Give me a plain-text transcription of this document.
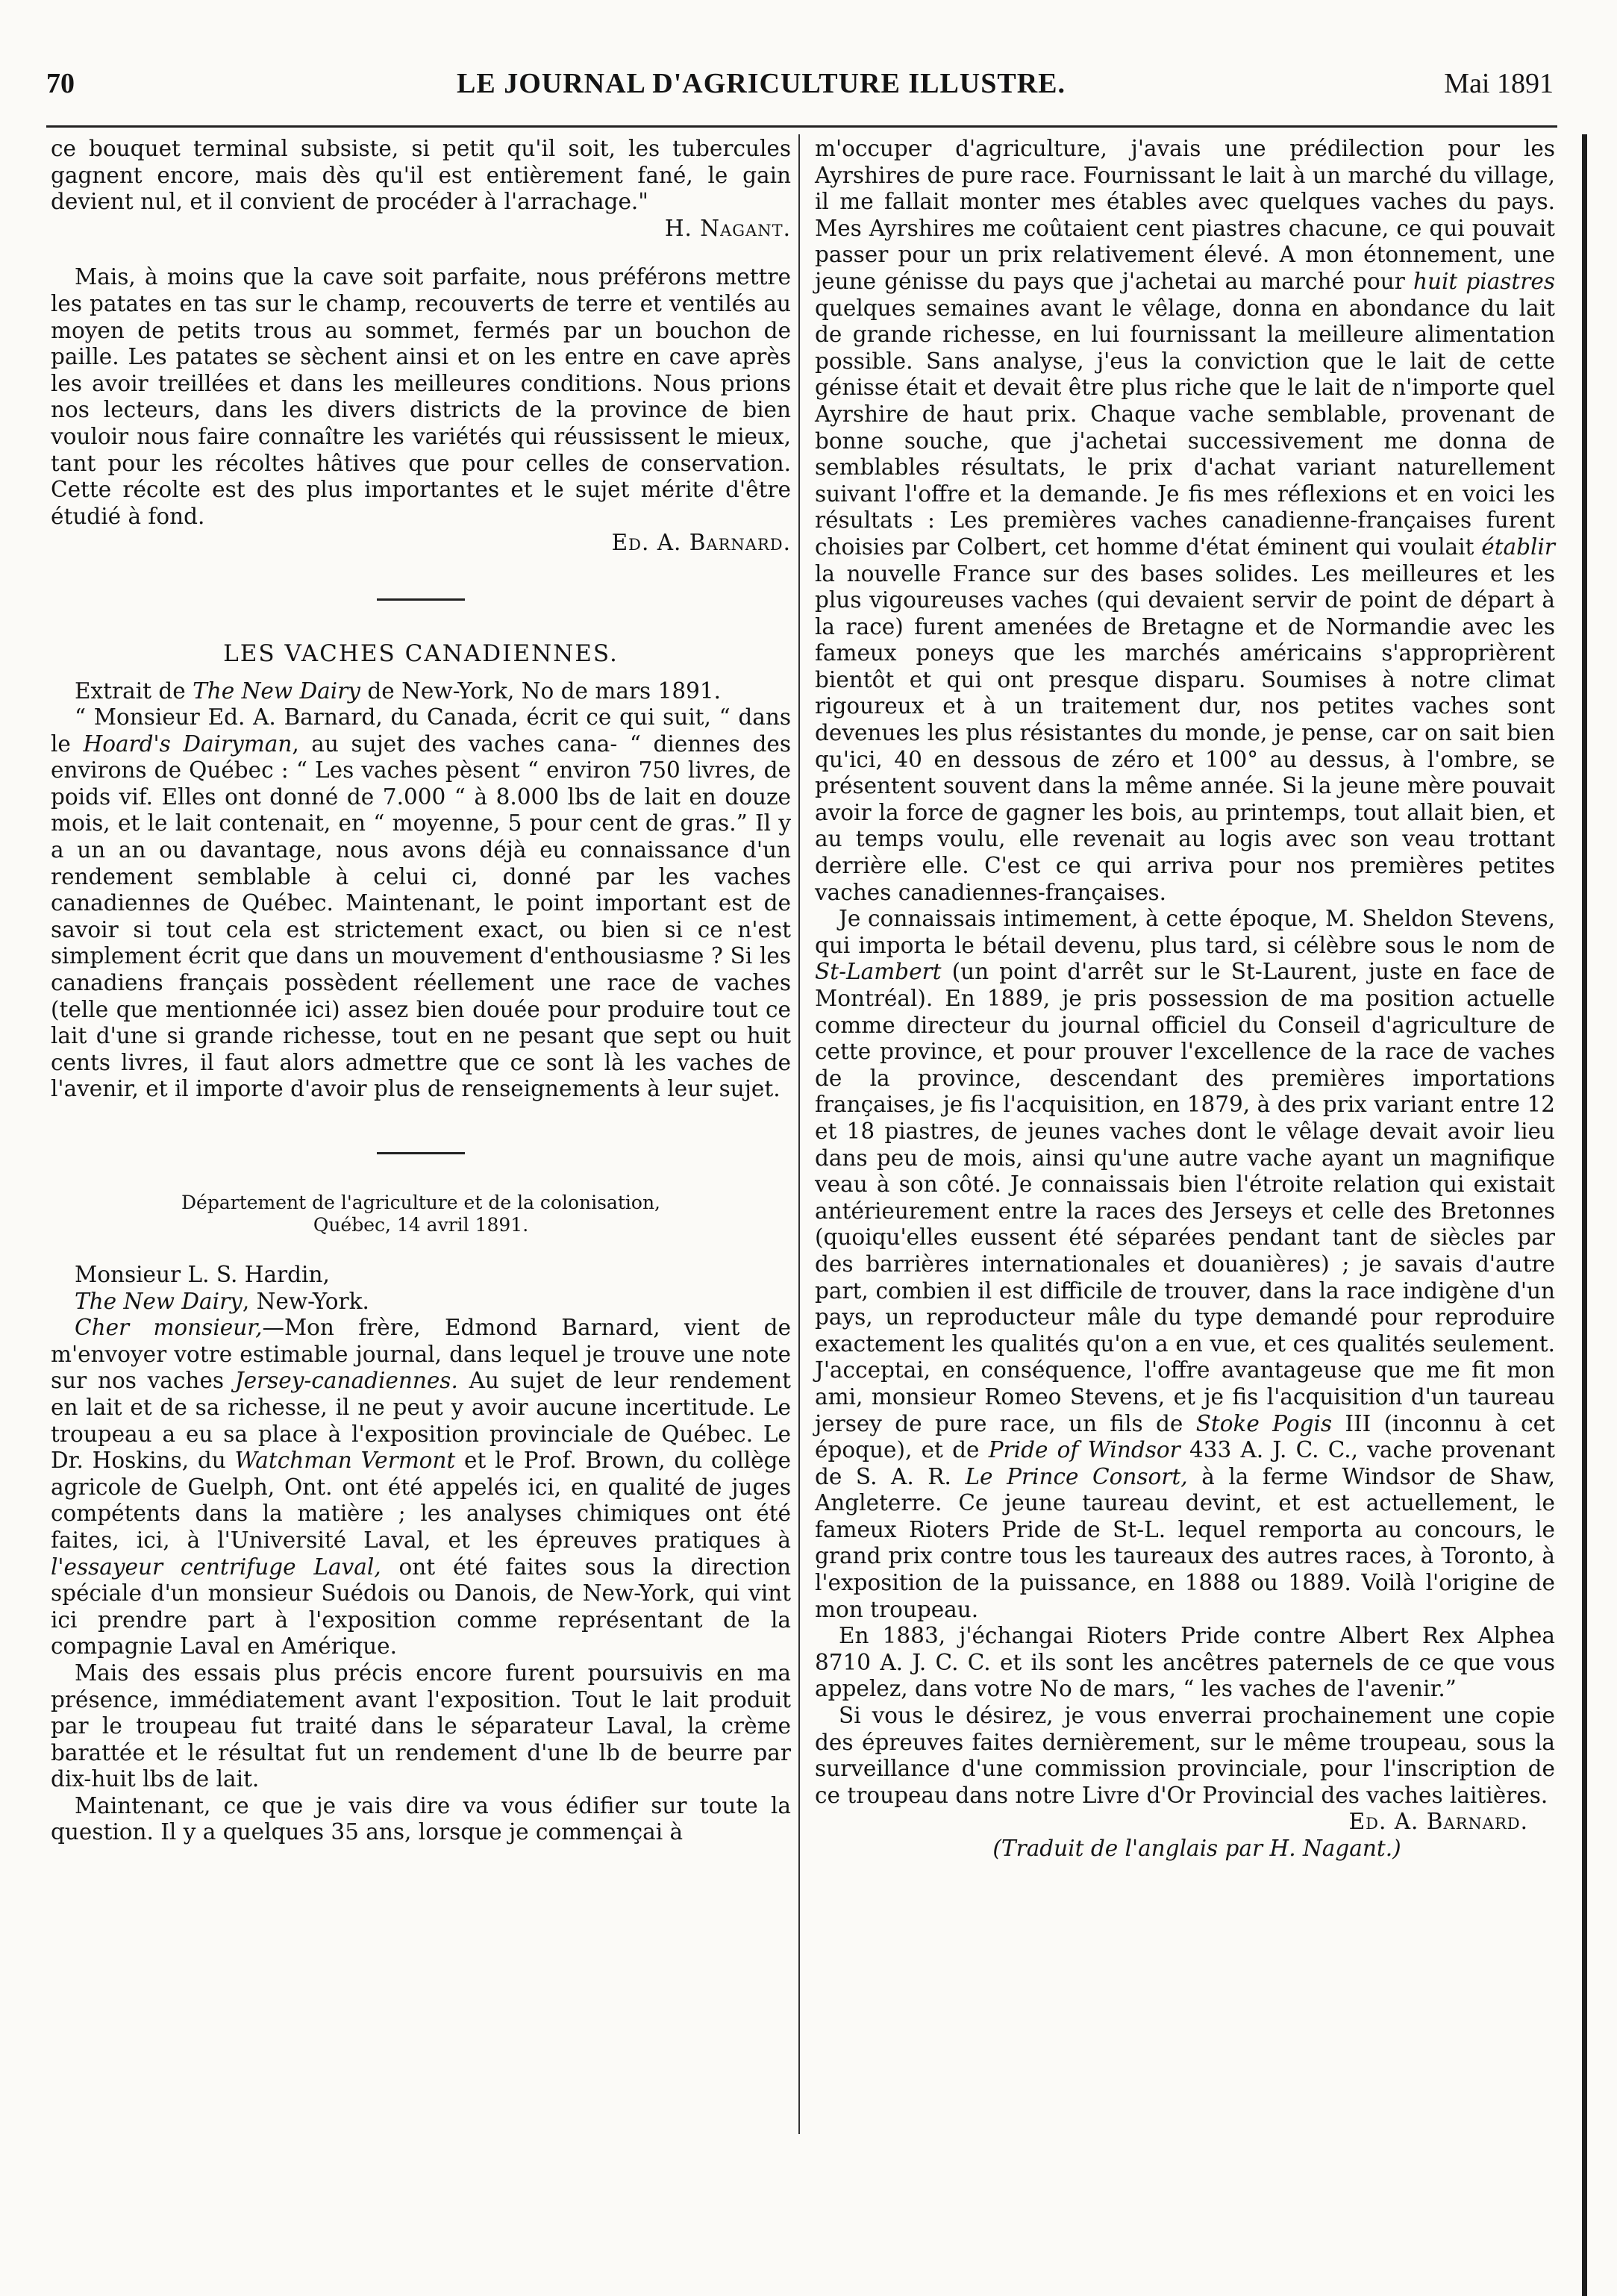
70	LE JOURNAL D'AGRICULTURE ILLUSTRE.	Mai 1891

ce bouquet terminal subsiste, si petit qu'il soit, les tubercules gagnent encore, mais dès qu'il est entièrement fané, le gain devient nul, et il convient de procéder à l'arrachage."

H. Nagant.

Mais, à moins que la cave soit parfaite, nous préférons mettre les patates en tas sur le champ, recouverts de terre et ventilés au moyen de petits trous au sommet, fermés par un bouchon de paille. Les patates se sèchent ainsi et on les entre en cave après les avoir treillées et dans les meilleures conditions. Nous prions nos lecteurs, dans les divers districts de la province de bien vouloir nous faire connaître les variétés qui réussissent le mieux, tant pour les récoltes hâtives que pour celles de conservation. Cette récolte est des plus importantes et le sujet mérite d'être étudié à fond.

Ed. A. Barnard.

LES VACHES CANADIENNES.

Extrait de The New Dairy de New-York, No de mars 1891.

“ Monsieur Ed. A. Barnard, du Canada, écrit ce qui suit, “ dans le Hoard's Dairyman, au sujet des vaches cana- “ diennes des environs de Québec : “ Les vaches pèsent “ environ 750 livres, de poids vif. Elles ont donné de 7.000 “ à 8.000 lbs de lait en douze mois, et le lait contenait, en “ moyenne, 5 pour cent de gras.” Il y a un an ou davantage, nous avons déjà eu connaissance d'un rendement semblable à celui ci, donné par les vaches canadiennes de Québec. Maintenant, le point important est de savoir si tout cela est strictement exact, ou bien si ce n'est simplement écrit que dans un mouvement d'enthousiasme ? Si les canadiens français possèdent réellement une race de vaches (telle que mentionnée ici) assez bien douée pour produire tout ce lait d'une si grande richesse, tout en ne pesant que sept ou huit cents livres, il faut alors admettre que ce sont là les vaches de l'avenir, et il importe d'avoir plus de renseignements à leur sujet.

Département de l'agriculture et de la colonisation,
Québec, 14 avril 1891.

Monsieur L. S. Hardin,

The New Dairy, New-York.

Cher monsieur,—Mon frère, Edmond Barnard, vient de m'envoyer votre estimable journal, dans lequel je trouve une note sur nos vaches Jersey-canadiennes. Au sujet de leur rendement en lait et de sa richesse, il ne peut y avoir aucune incertitude. Le troupeau a eu sa place à l'exposition provinciale de Québec. Le Dr. Hoskins, du Watchman Vermont et le Prof. Brown, du collège agricole de Guelph, Ont. ont été appelés ici, en qualité de juges compétents dans la matière ; les analyses chimiques ont été faites, ici, à l'Université Laval, et les épreuves pratiques à l'essayeur centrifuge Laval, ont été faites sous la direction spéciale d'un monsieur Suédois ou Danois, de New-York, qui vint ici prendre part à l'exposition comme représentant de la compagnie Laval en Amérique.

Mais des essais plus précis encore furent poursuivis en ma présence, immédiatement avant l'exposition. Tout le lait produit par le troupeau fut traité dans le séparateur Laval, la crème barattée et le résultat fut un rendement d'une lb de beurre par dix-huit lbs de lait.

Maintenant, ce que je vais dire va vous édifier sur toute la question. Il y a quelques 35 ans, lorsque je commençai à

m'occuper d'agriculture, j'avais une prédilection pour les Ayrshires de pure race. Fournissant le lait à un marché du village, il me fallait monter mes étables avec quelques vaches du pays. Mes Ayrshires me coûtaient cent piastres chacune, ce qui pouvait passer pour un prix relativement élevé. A mon étonnement, une jeune génisse du pays que j'achetai au marché pour huit piastres quelques semaines avant le vêlage, donna en abondance du lait de grande richesse, en lui fournissant la meilleure alimentation possible. Sans analyse, j'eus la conviction que le lait de cette génisse était et devait être plus riche que le lait de n'importe quel Ayrshire de haut prix. Chaque vache semblable, provenant de bonne souche, que j'achetai successivement me donna de semblables résultats, le prix d'achat variant naturellement suivant l'offre et la demande. Je fis mes réflexions et en voici les résultats : Les premières vaches canadienne-françaises furent choisies par Colbert, cet homme d'état éminent qui voulait établir la nouvelle France sur des bases solides. Les meilleures et les plus vigoureuses vaches (qui devaient servir de point de départ à la race) furent amenées de Bretagne et de Normandie avec les fameux poneys que les marchés américains s'approprièrent bientôt et qui ont presque disparu. Soumises à notre climat rigoureux et à un traitement dur, nos petites vaches sont devenues les plus résistantes du monde, je pense, car on sait bien qu'ici, 40 en dessous de zéro et 100° au dessus, à l'ombre, se présentent souvent dans la même année. Si la jeune mère pouvait avoir la force de gagner les bois, au printemps, tout allait bien, et au temps voulu, elle revenait au logis avec son veau trottant derrière elle. C'est ce qui arriva pour nos premières petites vaches canadiennes-françaises.

Je connaissais intimement, à cette époque, M. Sheldon Stevens, qui importa le bétail devenu, plus tard, si célèbre sous le nom de St-Lambert (un point d'arrêt sur le St-Laurent, juste en face de Montréal). En 1889, je pris possession de ma position actuelle comme directeur du journal officiel du Conseil d'agriculture de cette province, et pour prouver l'excellence de la race de vaches de la province, descendant des premières importations françaises, je fis l'acquisition, en 1879, à des prix variant entre 12 et 18 piastres, de jeunes vaches dont le vêlage devait avoir lieu dans peu de mois, ainsi qu'une autre vache ayant un magnifique veau à son côté. Je connaissais bien l'étroite relation qui existait antérieurement entre la races des Jerseys et celle des Bretonnes (quoiqu'elles eussent été séparées pendant tant de siècles par des barrières internationales et douanières) ; je savais d'autre part, combien il est difficile de trouver, dans la race indigène d'un pays, un reproducteur mâle du type demandé pour reproduire exactement les qualités qu'on a en vue, et ces qualités seulement. J'acceptai, en conséquence, l'offre avantageuse que me fit mon ami, monsieur Romeo Stevens, et je fis l'acquisition d'un taureau jersey de pure race, un fils de Stoke Pogis III (inconnu à cet époque), et de Pride of Windsor 433 A. J. C. C., vache provenant de S. A. R. Le Prince Consort, à la ferme Windsor de Shaw, Angleterre. Ce jeune taureau devint, et est actuellement, le fameux Rioters Pride de St-L. lequel remporta au concours, le grand prix contre tous les taureaux des autres races, à Toronto, à l'exposition de la puissance, en 1888 ou 1889. Voilà l'origine de mon troupeau.

En 1883, j'échangai Rioters Pride contre Albert Rex Alphea 8710 A. J. C. C. et ils sont les ancêtres paternels de ce que vous appelez, dans votre No de mars, “ les vaches de l'avenir.”

Si vous le désirez, je vous enverrai prochainement une copie des épreuves faites dernièrement, sur le même troupeau, sous la surveillance d'une commission provinciale, pour l'inscription de ce troupeau dans notre Livre d'Or Provincial des vaches laitières.

Ed. A. Barnard.

(Traduit de l'anglais par H. Nagant.)
